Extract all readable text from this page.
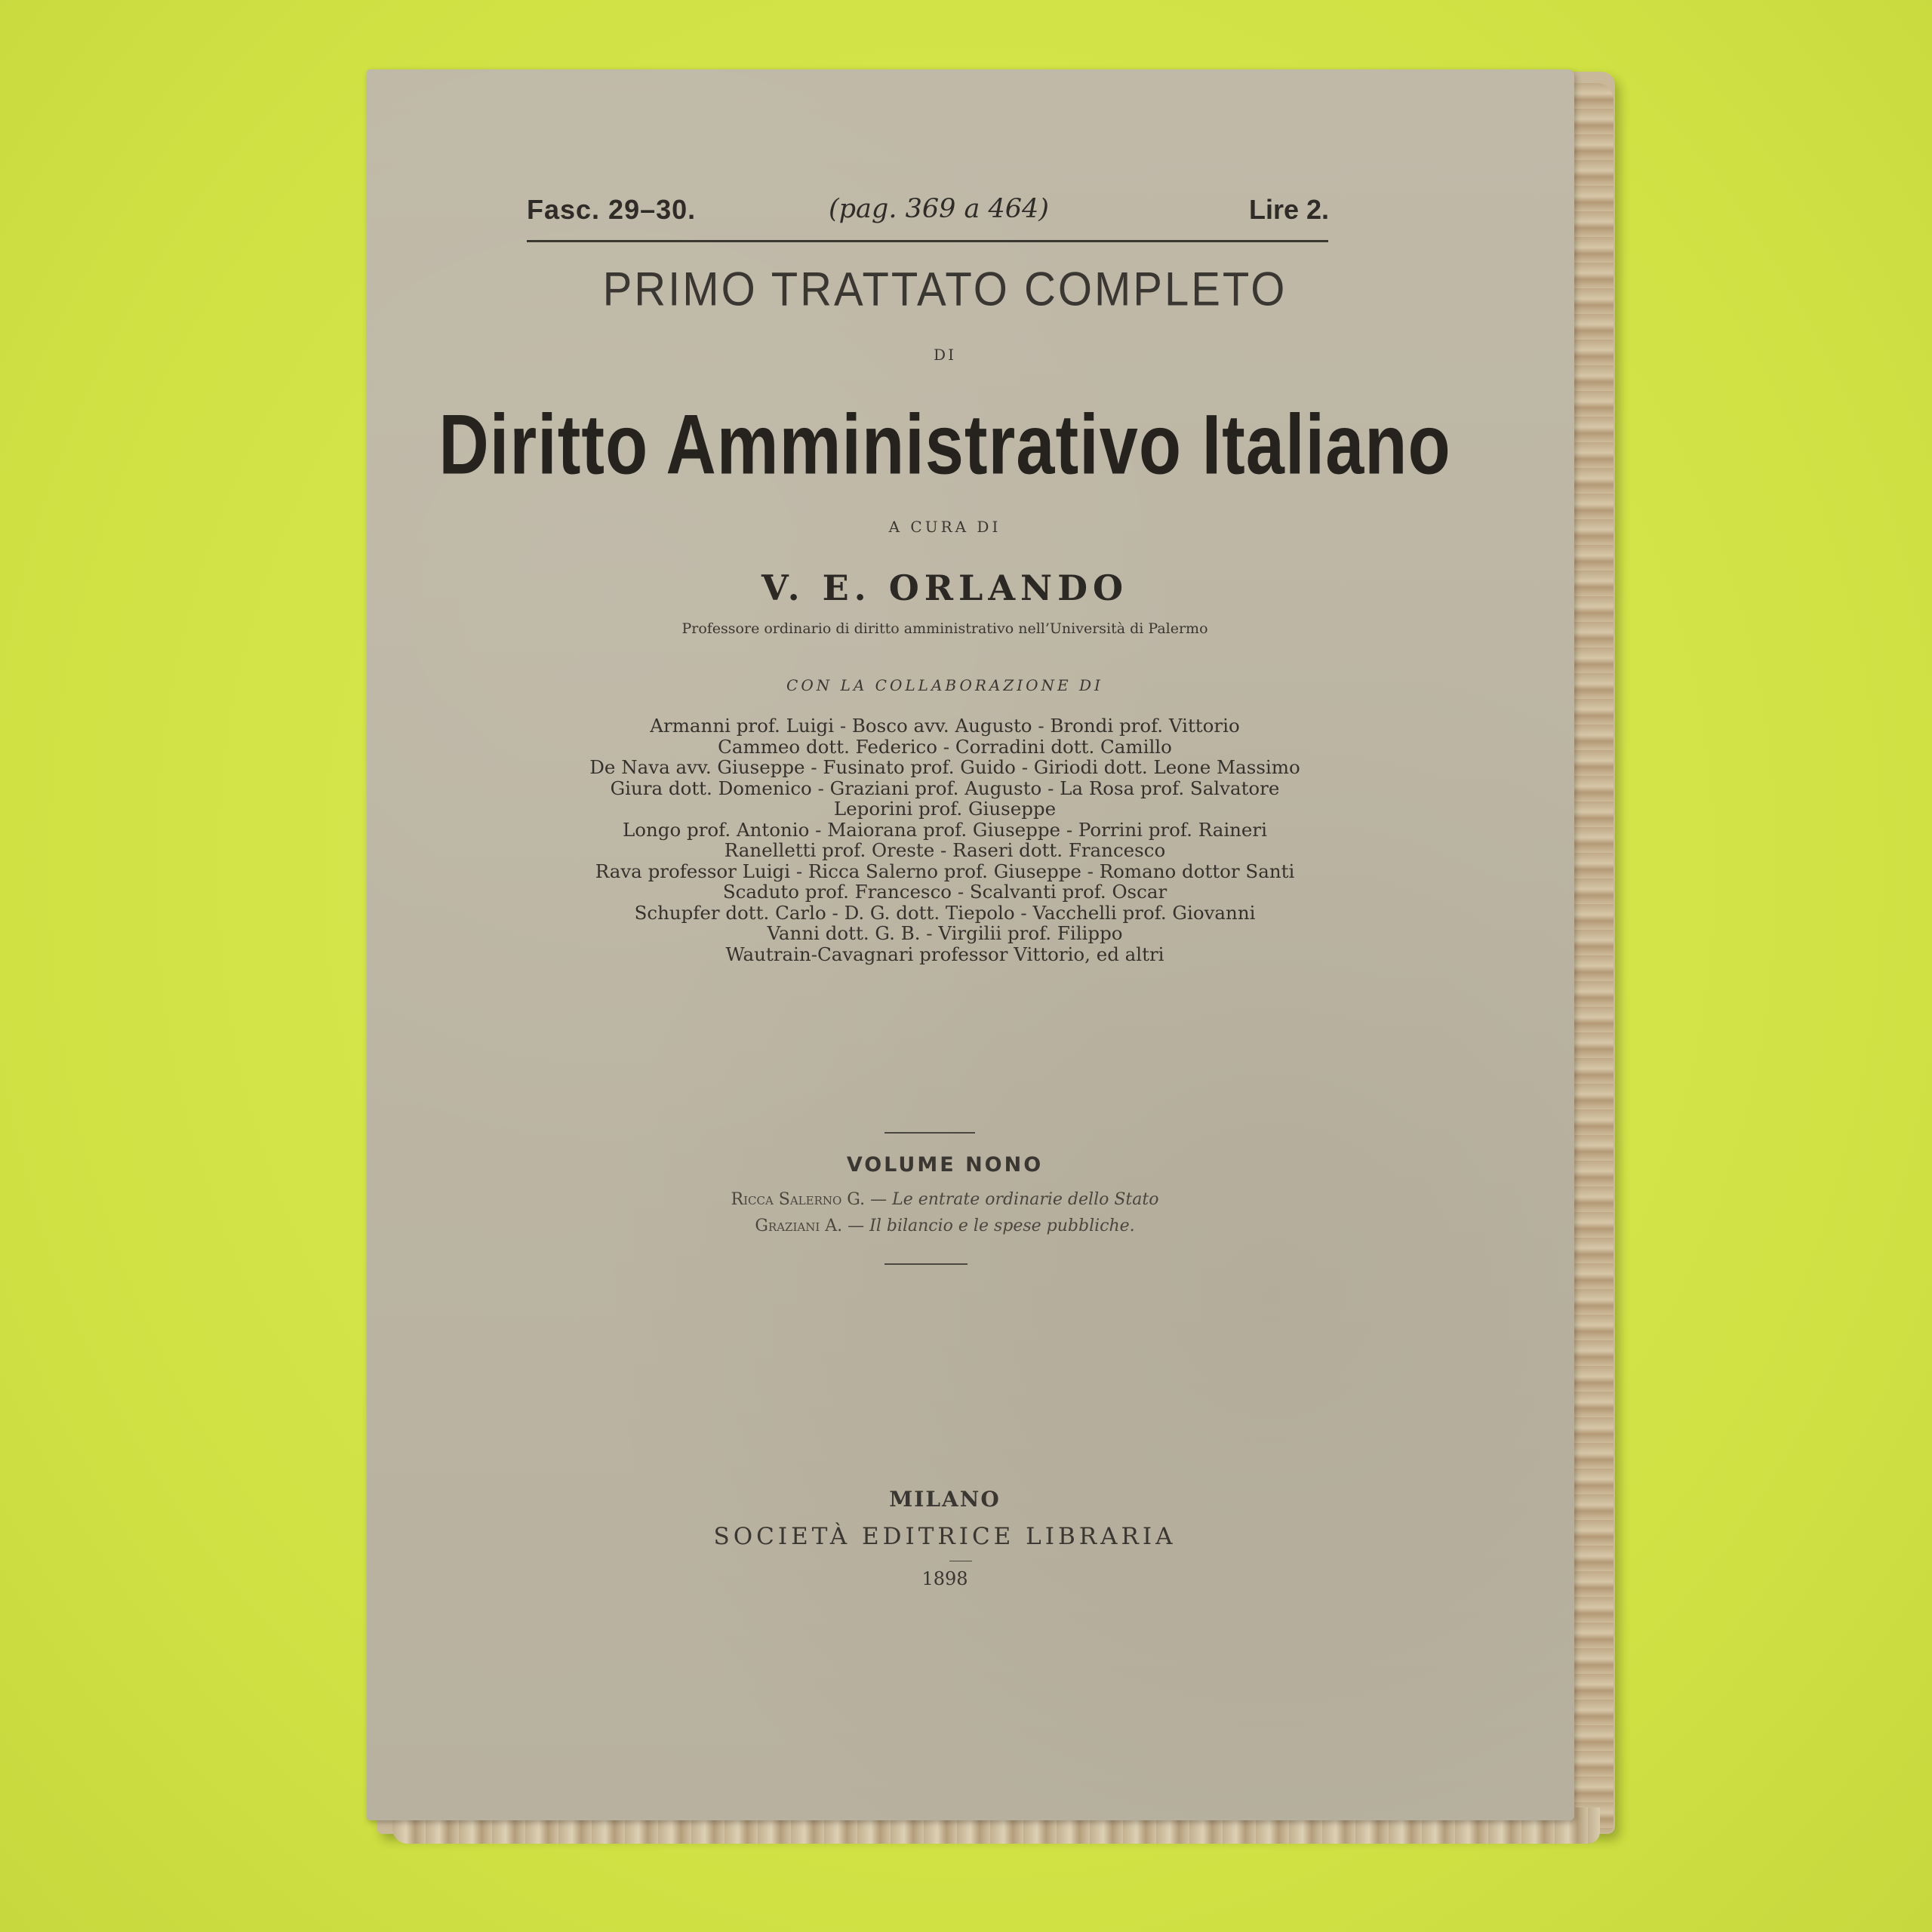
Fasc. 29–30.	(pag. 369 a 464)	Lire 2.
PRIMO TRATTATO COMPLETO
DI
Diritto Amministrativo Italiano
A CURA DI
V. E. ORLANDO
Professore ordinario di diritto amministrativo nell’Università di Palermo
CON LA COLLABORAZIONE DI
Armanni prof. Luigi - Bosco avv. Augusto - Brondi prof. Vittorio
Cammeo dott. Federico - Corradini dott. Camillo
De Nava avv. Giuseppe - Fusinato prof. Guido - Giriodi dott. Leone Massimo
Giura dott. Domenico - Graziani prof. Augusto - La Rosa prof. Salvatore
Leporini prof. Giuseppe
Longo prof. Antonio - Maiorana prof. Giuseppe - Porrini prof. Raineri
Ranelletti prof. Oreste - Raseri dott. Francesco
Rava professor Luigi - Ricca Salerno prof. Giuseppe - Romano dottor Santi
Scaduto prof. Francesco - Scalvanti prof. Oscar
Schupfer dott. Carlo - D. G. dott. Tiepolo - Vacchelli prof. Giovanni
Vanni dott. G. B. - Virgilii prof. Filippo
Wautrain-Cavagnari professor Vittorio, ed altri
VOLUME NONO
Ricca Salerno G. — Le entrate ordinarie dello Stato
Graziani A. — Il bilancio e le spese pubbliche.
MILANO
SOCIETÀ EDITRICE LIBRARIA
1898
